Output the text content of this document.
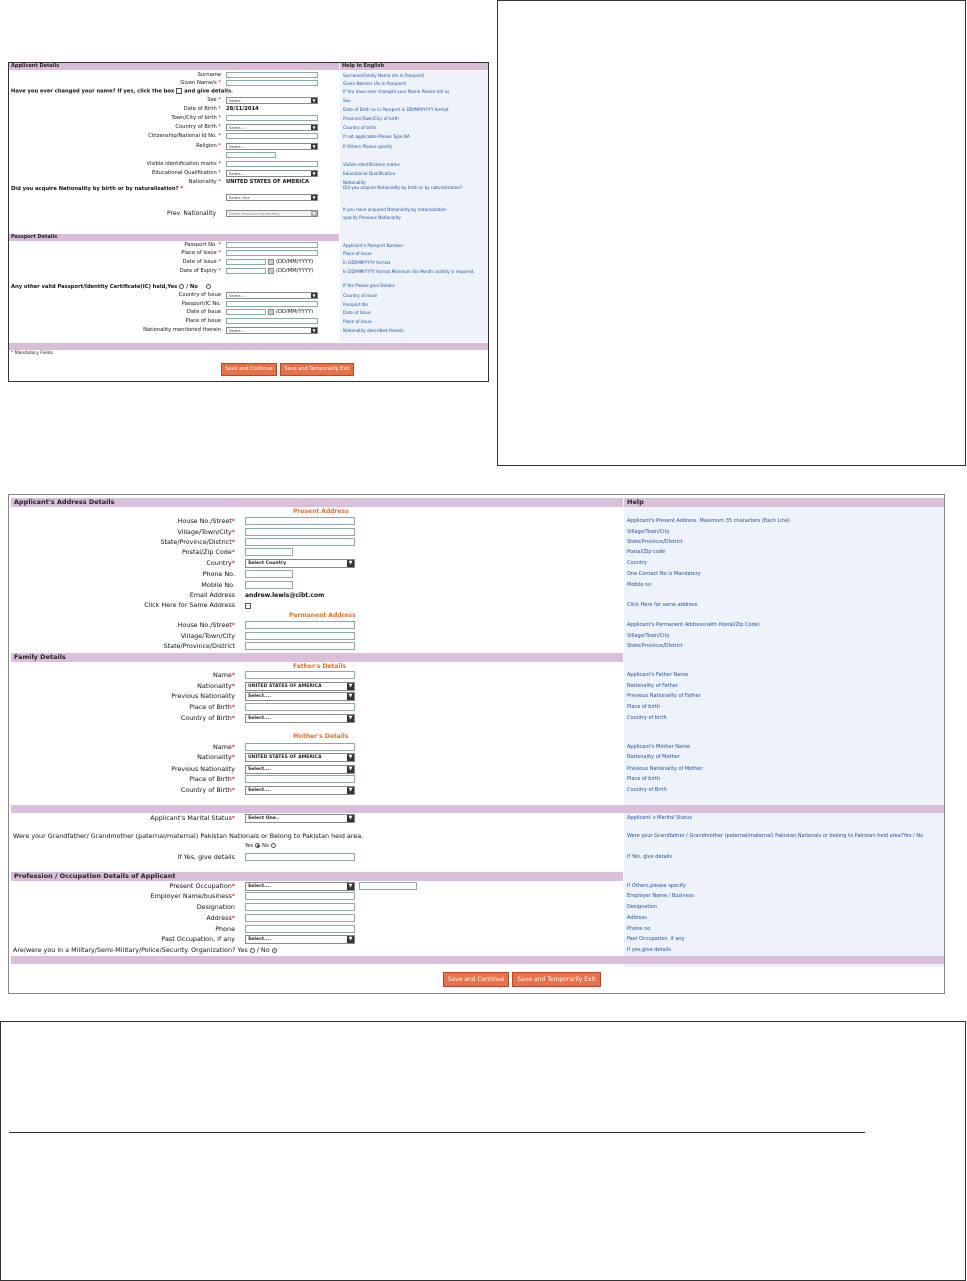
Applicant Details	Help in English
Surname	Surname/Family Name (As in Passport)
Given Name/s *	Given Name/s (As in Passport)
Sex *	Select	▼	Sex
Date of Birth * 28/11/2014	Date of Birth as in Passport in DD/MM/YYYY format
Town/City of birth *	Province/Town/City of birth
Country of Birth *	Select.....	▼	Country of birth
Citizenship/National Id No. *	If not applicable Please Type NA
Religion *	Select.....	▼	If Others Please specify
Visible identification marks *	Visible identification marks
Educational Qualification *	Select.....	▼	Educational Qualification
Nationality * UNITED STATES OF AMERICA	Nationality
Have you ever changed your name? If yes, click the box and give details.	If You have ever changed your Name Please tell us
Did you acquire Nationality by birth or by naturalization? *	Did you acquire Nationality by birth or by naturalization?
Select One	▼
Prev. Nationality	Select Previous Nationality	▼
If you have acquired Nationality by naturalization
specify Previous Nationality
Passport Details
Passport No. *	Applicant's Passport Number
Place of Issue *	Place of Issue
Date of Issue *	(DD/MM/YYYY)	In DD/MM/YYYY format
Date of Expiry *	(DD/MM/YYYY)	In DD/MM/YYYY format.Minimum Six Month validity is required.
Any other valid Passport/Identity Certificate(IC) held,Yes / No	If Yes Please give Details
Country of Issue	Select.....	▼	Country of Issue
Passport/IC No.	Passport No
Date of Issue	(DD/MM/YYYY)	Date of Issue
Place of Issue	Place of Issue
Nationality mentioned therein	Select.....	▼	Nationality described therein
* Mandatory Fields
Save and Continue	Save and Temporarily Exit
Applicant's Address Details	Help
Present Address
House No./Street*	Applicant's Present Address. Maximum 35 characters (Each Line)
Village/Town/City*	Village/Town/City
State/Province/District*	State/Province/District
Postal/Zip Code*	Postal/Zip code
Country*	Select Country	▼	Country
Phone No.	One Contact No is Mandatory
Mobile No.	Mobile no
Email Address andrew.lewis@cibt.com
Click Here for Same Address	Click Here for same address
Permanent Address
House No./Street*	Applicant's Permanent Address(with Postal/Zip Code)
Village/Town/City	Village/Town/City
State/Province/District	State/Province/District
Family Details
Father's Details
Name*	Applicant's Father Name
Nationality*	UNITED STATES OF AMERICA	▼	Nationality of Father
Previous Nationality	Select....	▼	Previous Nationality of Father
Place of Birth*	Place of birth
Country of Birth*	Select....	▼	Country of birth
Mother's Details
Name*	Applicant's Mother Name
Nationality*	UNITED STATES OF AMERICA	▼	Nationality of Mother
Previous Nationality	Select....	▼	Previous Nationality of Mother
Place of Birth*	Place of birth
Country of Birth*	Select....	▼	Country of Birth
Applicant's Marital Status*	Select One..	▼	Applicant`s Marital Status
Were your Grandfather/ Grandmother (paternal/maternal) Pakistan Nationals or Belong to Pakistan held area.	Were your Grandfather / Grandmother (paternal/maternal) Pakistan Nationals or belong to Pakistan held area?Yes / No
Yes No
If Yes, give details	If Yes, give details
Profession / Occupation Details of Applicant
Present Occupation*	Select....	▼	If Others,please specify
Employer Name/business*	Employer Name / Business
Designation	Designation
Address*	Address
Phone	Phone no
Past Occupation, if any	Select....	▼	Past Occupation, if any
Are/were you in a Military/Semi-Military/Police/Security. Organization? Yes / No	If yes,give details
Save and Continue	Save and Temporarily Exit
